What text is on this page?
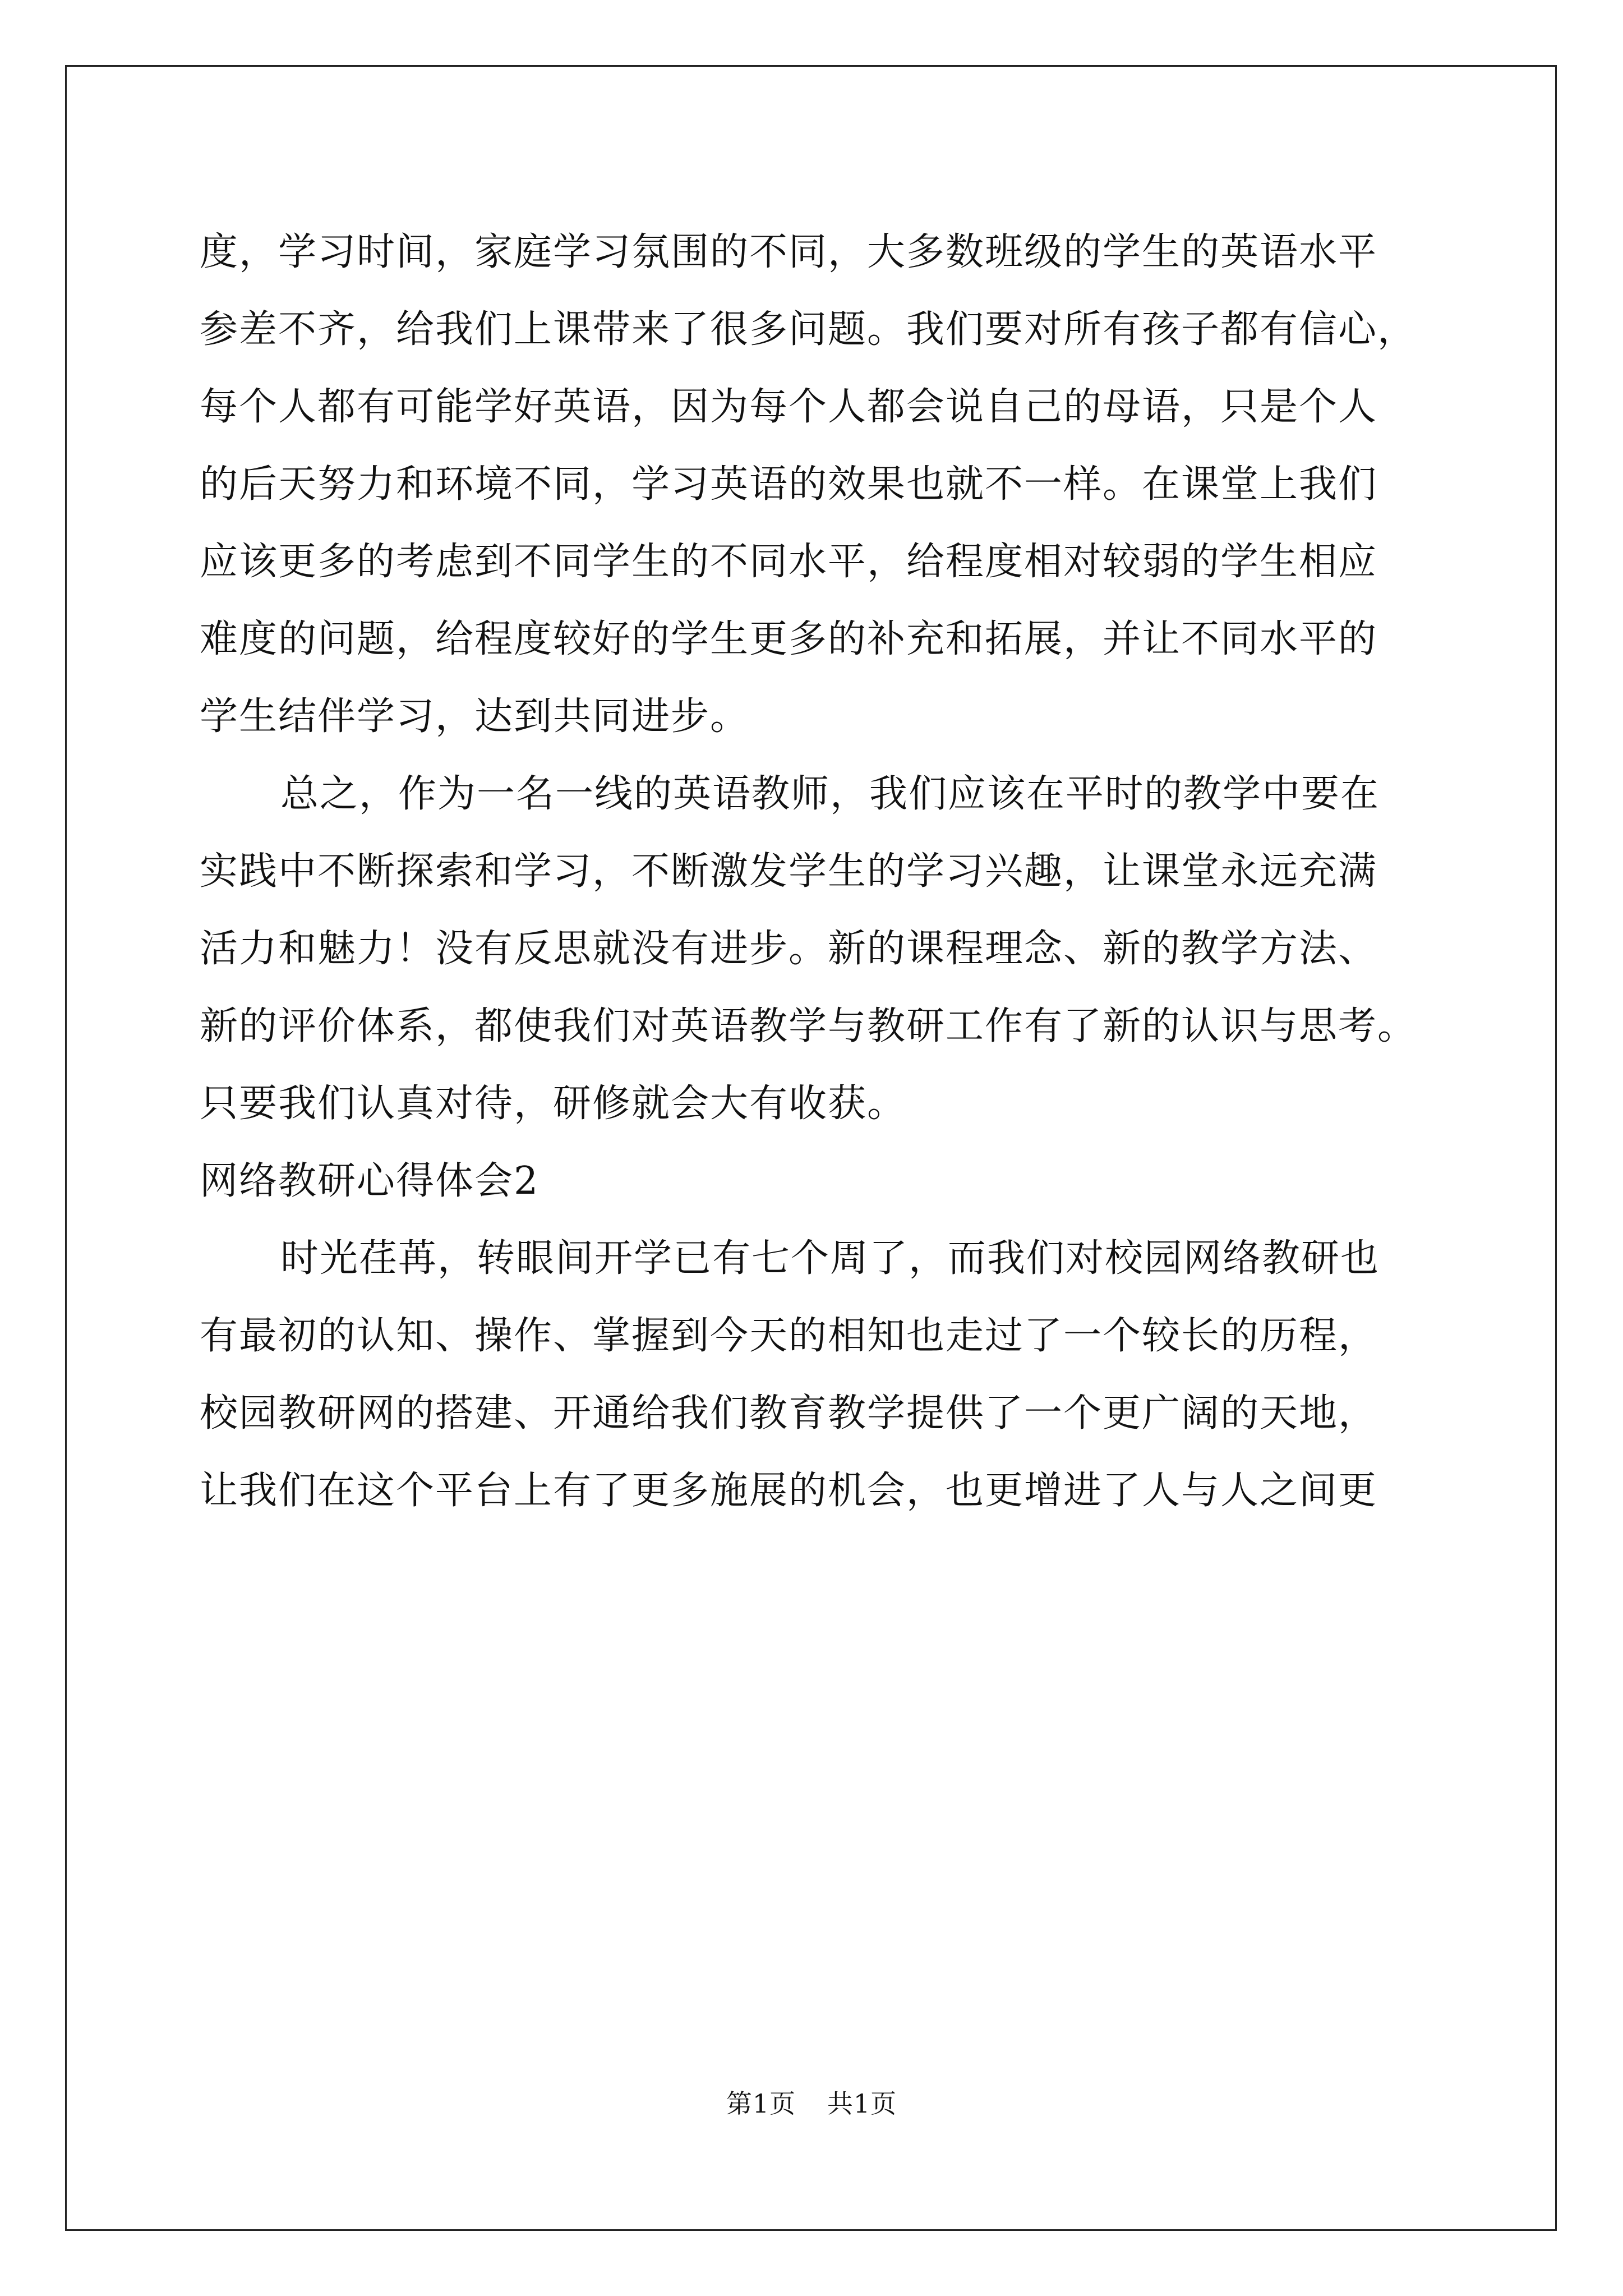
度，学习时间，家庭学习氛围的不同，大多数班级的学生的英语水平
参差不齐，给我们上课带来了很多问题。我们要对所有孩子都有信心，
每个人都有可能学好英语，因为每个人都会说自己的母语，只是个人
的后天努力和环境不同，学习英语的效果也就不一样。在课堂上我们
应该更多的考虑到不同学生的不同水平，给程度相对较弱的学生相应
难度的问题，给程度较好的学生更多的补充和拓展，并让不同水平的
学生结伴学习，达到共同进步。
总之，作为一名一线的英语教师，我们应该在平时的教学中要在
实践中不断探索和学习，不断激发学生的学习兴趣，让课堂永远充满
活力和魅力！没有反思就没有进步。新的课程理念、新的教学方法、
新的评价体系，都使我们对英语教学与教研工作有了新的认识与思考。
只要我们认真对待，研修就会大有收获。
网络教研心得体会2
时光荏苒，转眼间开学已有七个周了，而我们对校园网络教研也
有最初的认知、操作、掌握到今天的相知也走过了一个较长的历程，
校园教研网的搭建、开通给我们教育教学提供了一个更广阔的天地，
让我们在这个平台上有了更多施展的机会，也更增进了人与人之间更
第1页 共1页
